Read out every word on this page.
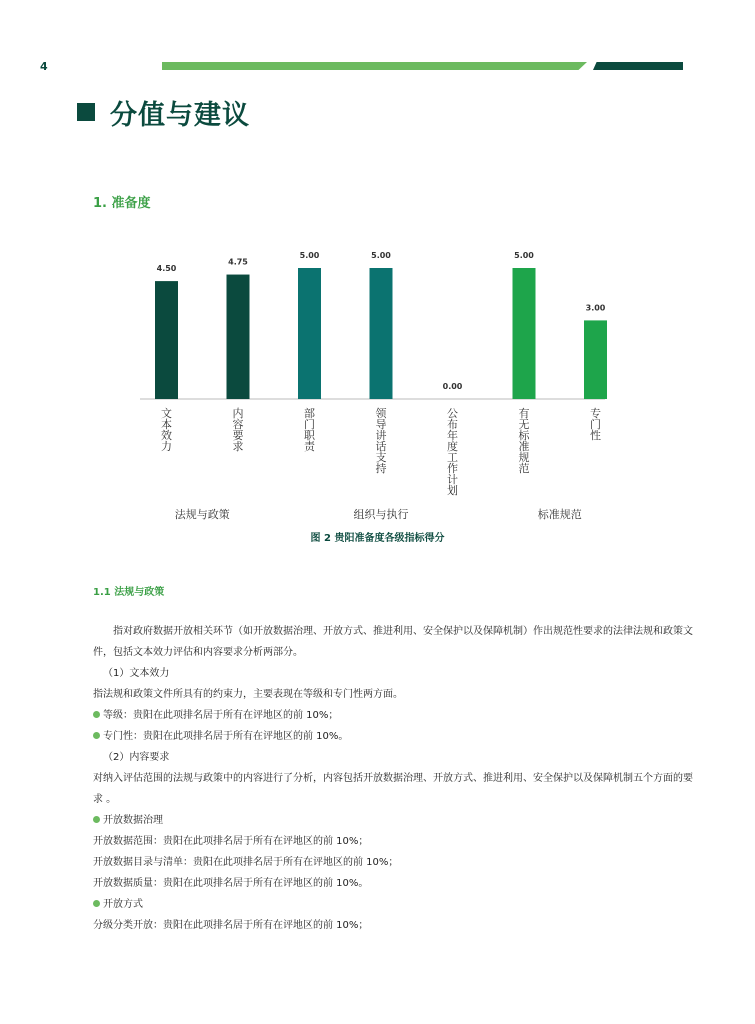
4
分值与建议
1. 准备度
4.50
文本效力
4.75
内容要求
5.00
部门职责
5.00
领导讲话支持
0.00
公布年度工作计划
5.00
有无标准规范
3.00
专门性
法规与政策	组织与执行	标准规范
图 2 贵阳准备度各级指标得分
1.1 法规与政策

指对政府数据开放相关环节（如开放数据治理、开放方式、推进利用、安全保护以及保障机制）作出规范性要求的法律法规和政策文件，包括文本效力评估和内容要求分析两部分。

（1）文本效力

指法规和政策文件所具有的约束力，主要表现在等级和专门性两方面。

等级：贵阳在此项排名居于所有在评地区的前 10%；

专门性：贵阳在此项排名居于所有在评地区的前 10%。

（2）内容要求

对纳入评估范围的法规与政策中的内容进行了分析，内容包括开放数据治理、开放方式、推进利用、安全保护以及保障机制五个方面的要求 。

开放数据治理

开放数据范围：贵阳在此项排名居于所有在评地区的前 10%；

开放数据目录与清单：贵阳在此项排名居于所有在评地区的前 10%；

开放数据质量：贵阳在此项排名居于所有在评地区的前 10%。

开放方式

分级分类开放：贵阳在此项排名居于所有在评地区的前 10%；
